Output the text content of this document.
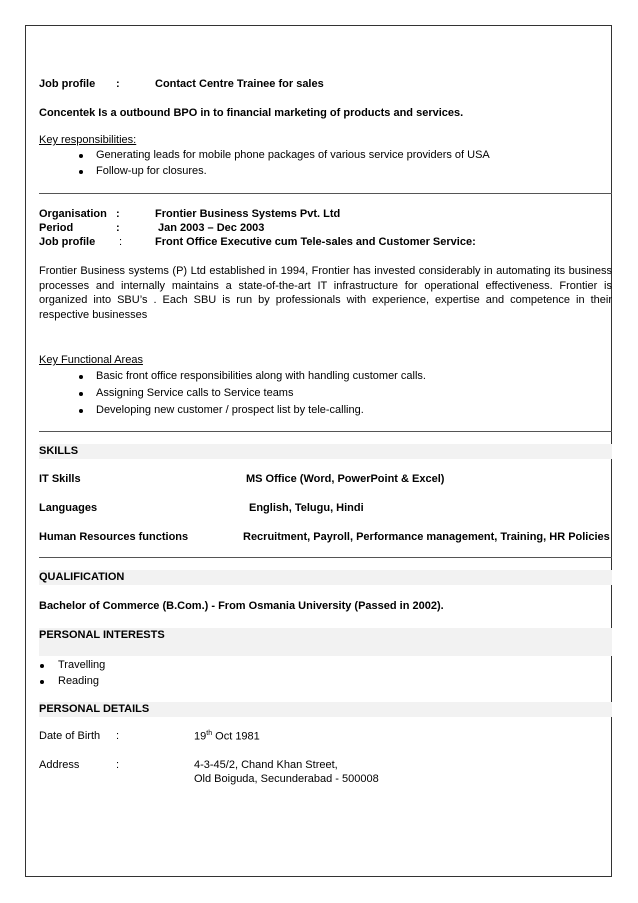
Job profile :	Contact Centre Trainee for sales
Concentek Is a outbound BPO in to financial marketing of products and services.
Key responsibilities:
Generating leads for mobile phone packages of various service providers of USA
Follow-up for closures.
Organisation :	Frontier Business Systems Pvt. Ltd
Period	:	Jan 2003 – Dec 2003
Job profile :	Front Office Executive cum Tele-sales and Customer Service:
Frontier Business systems (P) Ltd established in 1994, Frontier has invested considerably in automating its business processes and internally maintains a state-of-the-art IT infrastructure for operational effectiveness. Frontier is organized into SBU’s . Each SBU is run by professionals with experience, expertise and competence in their respective businesses
Key Functional Areas
Basic front office responsibilities along with handling customer calls.
Assigning Service calls to Service teams
Developing new customer / prospect list by tele-calling.
SKILLS
IT Skills	MS Office (Word, PowerPoint & Excel)
Languages	English, Telugu, Hindi
Human Resources functions	Recruitment, Payroll, Performance management, Training, HR Policies
QUALIFICATION
Bachelor of Commerce (B.Com.) - From Osmania University (Passed in 2002).
PERSONAL INTERESTS
Travelling
Reading
PERSONAL DETAILS
Date of Birth :	19th Oct 1981
Address	:	4-3-45/2, Chand Khan Street,
Old Boiguda, Secunderabad - 500008
